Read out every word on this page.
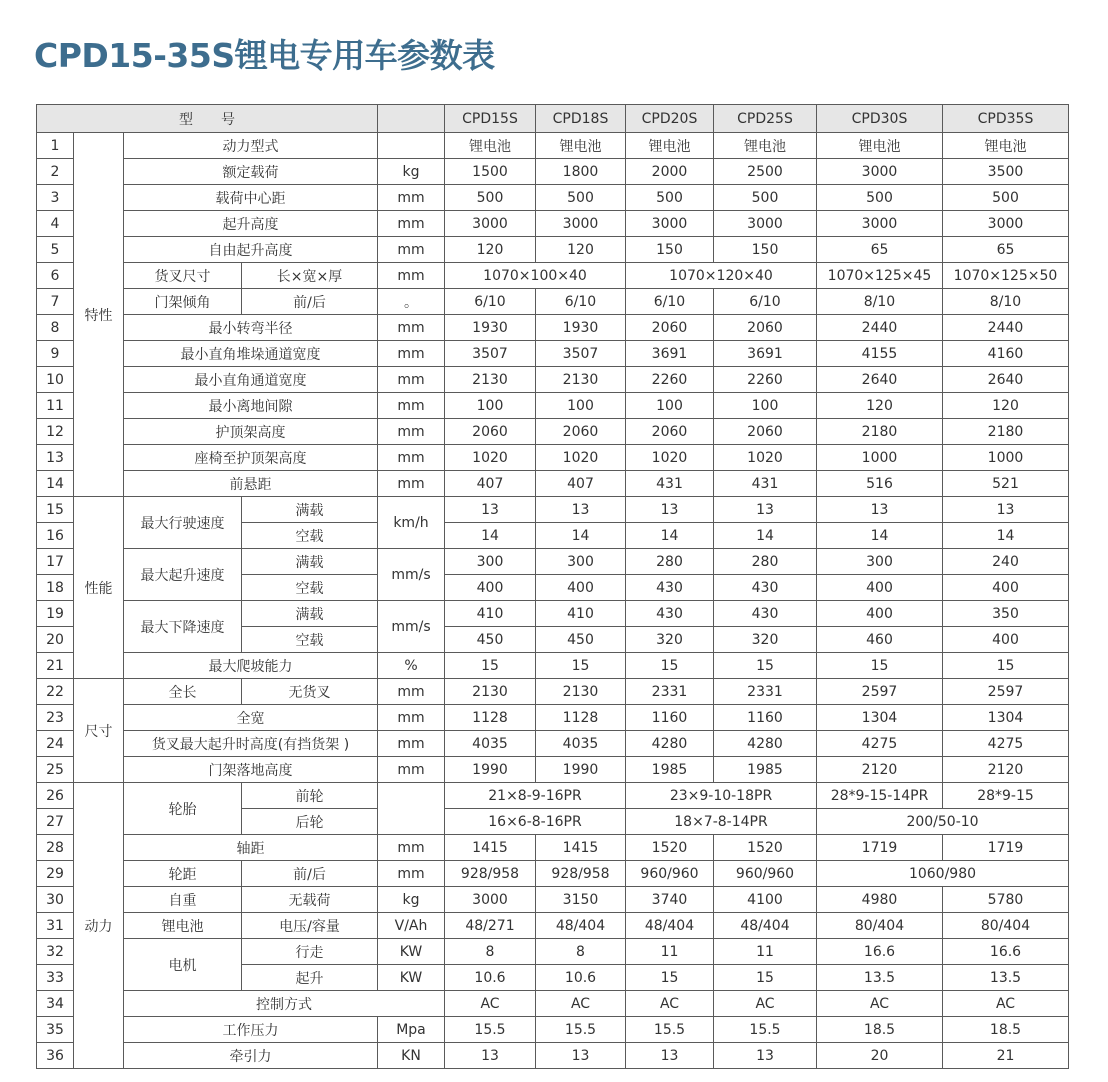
CPD15-35S锂电专用车参数表
型　　号					CPD15S	CPD18S	CPD20S	CPD25S	CPD30S	CPD35S
1	特性	动力型式			锂电池	锂电池	锂电池	锂电池	锂电池	锂电池
2		额定载荷		kg	1500	1800	2000	2500	3000	3500
3		载荷中心距		mm	500	500	500	500	500	500
4		起升高度		mm	3000	3000	3000	3000	3000	3000
5		自由起升高度		mm	120	120	150	150	65	65
6		货叉尺寸	长×宽×厚	mm	1070×100×40		1070×120×40		1070×125×45	1070×125×50
7		门架倾角	前/后	。	6/10	6/10	6/10	6/10	8/10	8/10
8		最小转弯半径		mm	1930	1930	2060	2060	2440	2440
9		最小直角堆垛通道宽度		mm	3507	3507	3691	3691	4155	4160
10		最小直角通道宽度		mm	2130	2130	2260	2260	2640	2640
11		最小离地间隙		mm	100	100	100	100	120	120
12		护顶架高度		mm	2060	2060	2060	2060	2180	2180
13		座椅至护顶架高度		mm	1020	1020	1020	1020	1000	1000
14		前悬距		mm	407	407	431	431	516	521
15	性能	最大行驶速度	满载	km/h	13	13	13	13	13	13
16			空载		14	14	14	14	14	14
17		最大起升速度	满载	mm/s	300	300	280	280	300	240
18			空载		400	400	430	430	400	400
19		最大下降速度	满载	mm/s	410	410	430	430	400	350
20			空载		450	450	320	320	460	400
21		最大爬坡能力		%	15	15	15	15	15	15
22	尺寸	全长	无货叉	mm	2130	2130	2331	2331	2597	2597
23		全宽		mm	1128	1128	1160	1160	1304	1304
24		货叉最大起升时高度(有挡货架 )		mm	4035	4035	4280	4280	4275	4275
25		门架落地高度		mm	1990	1990	1985	1985	2120	2120
26	动力	轮胎	前轮		21×8-9-16PR		23×9-10-18PR		28*9-15-14PR	28*9-15
27			后轮		16×6-8-16PR		18×7-8-14PR		200/50-10	
28		轴距		mm	1415	1415	1520	1520	1719	1719
29		轮距	前/后	mm	928/958	928/958	960/960	960/960	1060/980	
30		自重	无载荷	kg	3000	3150	3740	4100	4980	5780
31		锂电池	电压/容量	V/Ah	48/271	48/404	48/404	48/404	80/404	80/404
32		电机	行走	KW	8	8	11	11	16.6	16.6
33			起升	KW	10.6	10.6	15	15	13.5	13.5
34		控制方式			AC	AC	AC	AC	AC	AC
35		工作压力		Mpa	15.5	15.5	15.5	15.5	18.5	18.5
36		牵引力		KN	13	13	13	13	20	21
